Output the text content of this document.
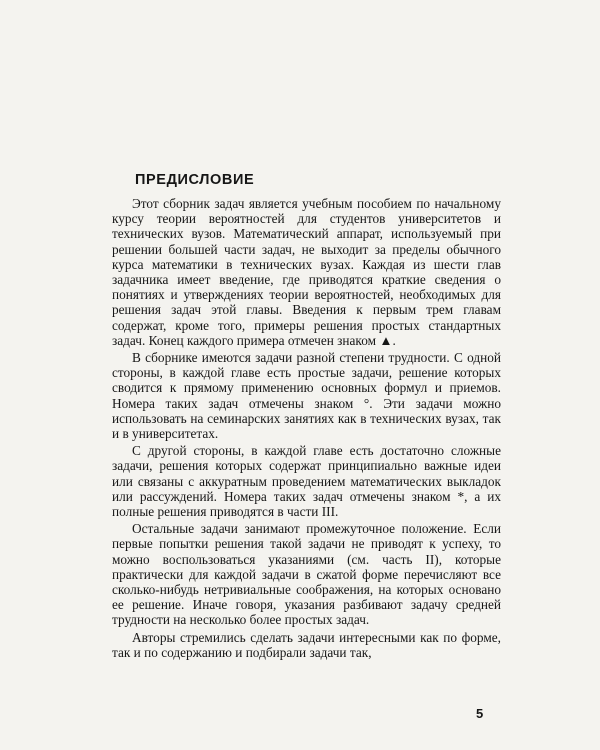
ПРЕДИСЛОВИЕ

Этот сборник задач является учебным пособием по начальному курсу теории вероятностей для студентов университетов и технических вузов. Математический аппарат, используемый при решении большей части задач, не выходит за пределы обычного курса математики в технических вузах. Каждая из шести глав задачника имеет введение, где приводятся краткие сведения о понятиях и утверждениях теории вероятностей, необходимых для решения задач этой главы. Введения к первым трем главам содержат, кроме того, примеры решения простых стандартных задач. Конец каждого примера отмечен знаком ▲.

В сборнике имеются задачи разной степени трудности. С одной стороны, в каждой главе есть простые задачи, решение которых сводится к прямому применению основных формул и приемов. Номера таких задач отмечены знаком °. Эти задачи можно использовать на семинарских занятиях как в технических вузах, так и в университетах.

С другой стороны, в каждой главе есть достаточно сложные задачи, решения которых содержат принципиально важные идеи или связаны с аккуратным проведением математических выкладок или рассуждений. Номера таких задач отмечены знаком *, а их полные решения приводятся в части III.

Остальные задачи занимают промежуточное положение. Если первые попытки решения такой задачи не приводят к успеху, то можно воспользоваться указаниями (см. часть II), которые практически для каждой задачи в сжатой форме перечисляют все сколько-нибудь нетривиальные соображения, на которых основано ее решение. Иначе говоря, указания разбивают задачу средней трудности на несколько более простых задач.

Авторы стремились сделать задачи интересными как по форме, так и по содержанию и подбирали задачи так,

5
